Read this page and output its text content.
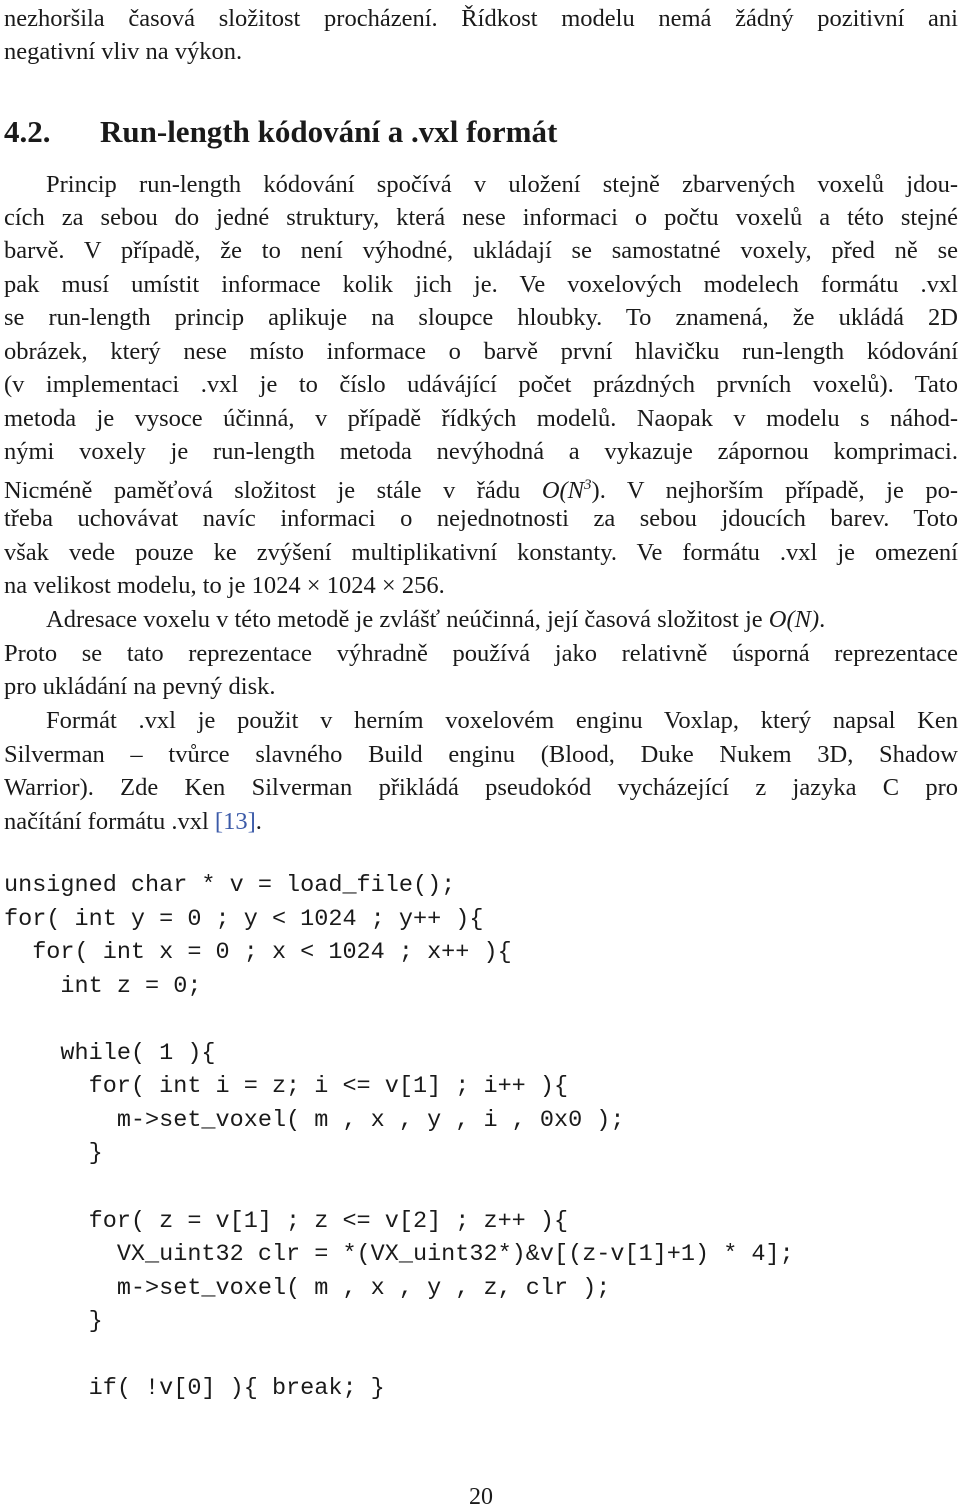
nezhoršila časová složitost procházení. Řídkost modelu nemá žádný pozitivní ani
negativní vliv na výkon.
4.2. Run-length kódování a .vxl formát
Princip run-length kódování spočívá v uložení stejně zbarvených voxelů jdou-
cích za sebou do jedné struktury, která nese informaci o počtu voxelů a této stejné
barvě. V případě, že to není výhodné, ukládají se samostatné voxely, před ně se
pak musí umístit informace kolik jich je. Ve voxelových modelech formátu .vxl
se run-length princip aplikuje na sloupce hloubky. To znamená, že ukládá 2D
obrázek, který nese místo informace o barvě první hlavičku run-length kódování
(v implementaci .vxl je to číslo udávájící počet prázdných prvních voxelů). Tato
metoda je vysoce účinná, v případě řídkých modelů. Naopak v modelu s náhod-
nými voxely je run-length metoda nevýhodná a vykazuje zápornou komprimaci.
Nicméně paměťová složitost je stále v řádu $O(N^3)$. V nejhorším případě, je po-
třeba uchovávat navíc informaci o nejednotnosti za sebou jdoucích barev. Toto
však vede pouze ke zvýšení multiplikativní konstanty. Ve formátu .vxl je omezení
na velikost modelu, to je 1024 × 1024 × 256.
Adresace voxelu v této metodě je zvlášť neúčinná, její časová složitost je O(N).
Proto se tato reprezentace výhradně používá jako relativně úsporná reprezentace
pro ukládání na pevný disk.
Formát .vxl je použit v herním voxelovém enginu Voxlap, který napsal Ken
Silverman – tvůrce slavného Build enginu (Blood, Duke Nukem 3D, Shadow
Warrior). Zde Ken Silverman přikládá pseudokód vycházející z jazyka C pro
načítání formátu .vxl [13].
unsigned char * v = load_file();
for( int y = 0 ; y < 1024 ; y++ ){
for( int x = 0 ; x < 1024 ; x++ ){
int z = 0;
while( 1 ){
for( int i = z; i <= v[1] ; i++ ){
m->set_voxel( m , x , y , i , 0x0 );
}
for( z = v[1] ; z <= v[2] ; z++ ){
VX_uint32 clr = *(VX_uint32*)&v[(z-v[1]+1) * 4];
m->set_voxel( m , x , y , z, clr );
}
if( !v[0] ){ break; }
20
